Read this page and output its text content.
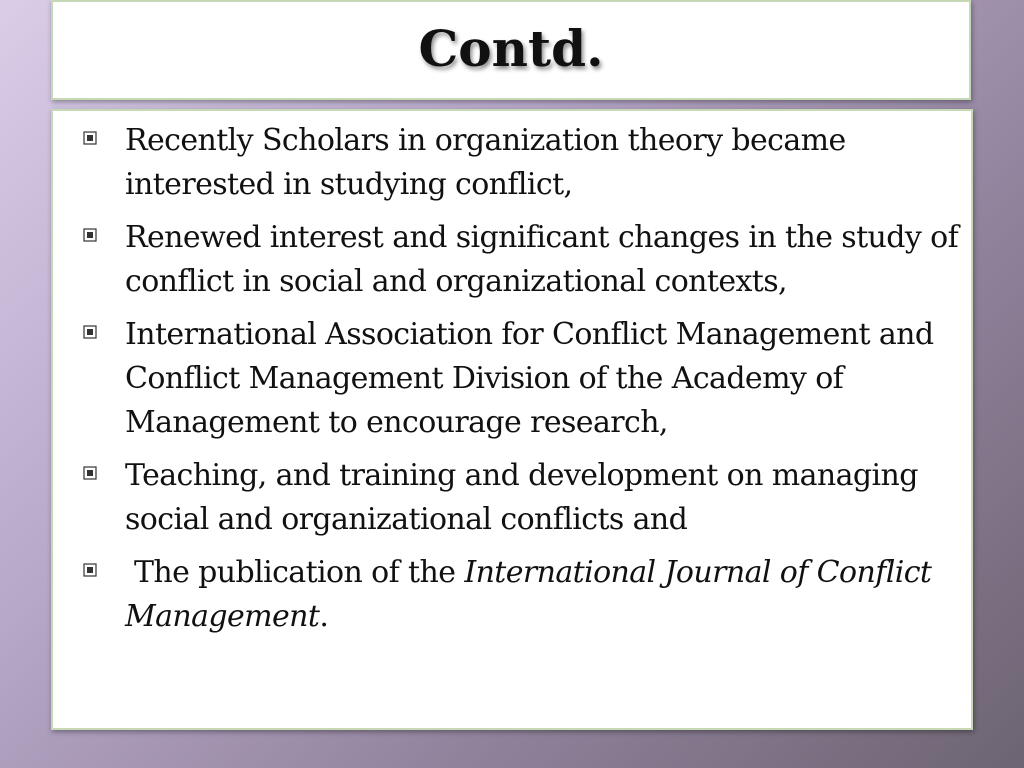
Contd.
Recently Scholars in organization theory became interested in studying conflict,
Renewed interest and significant changes in the study of conflict in social and organizational contexts,
International Association for Conflict Management and Conflict Management Division of the Academy of Management to encourage research,
Teaching, and training and development on managing social and organizational conflicts and
The publication of the International Journal of Conflict Management.
